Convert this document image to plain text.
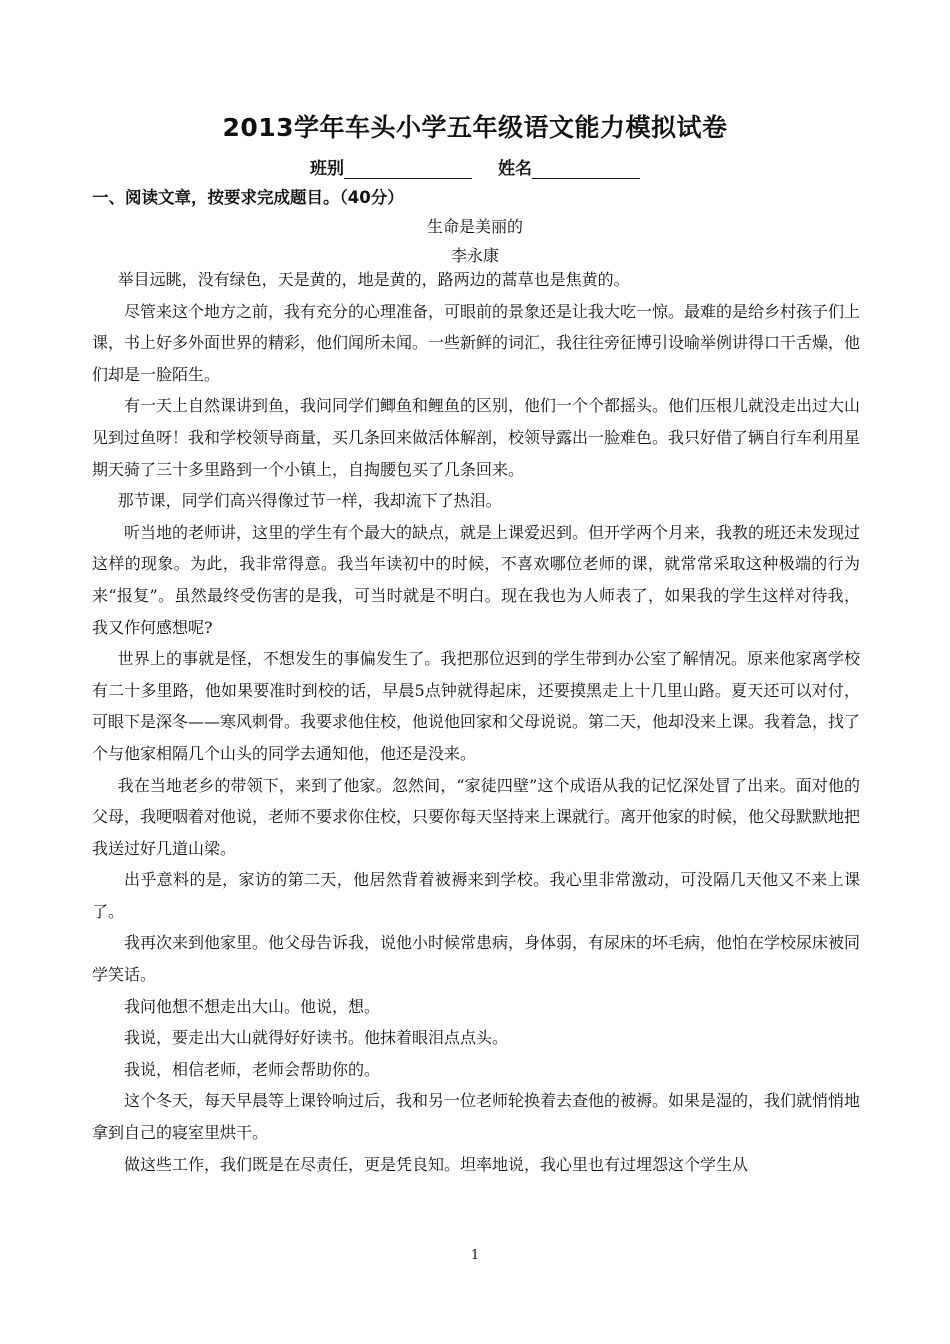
2013学年车头小学五年级语文能力模拟试卷
班别	姓名
一、阅读文章，按要求完成题目。（40分）
生命是美丽的
李永康

举目远眺，没有绿色，天是黄的，地是黄的，路两边的蒿草也是焦黄的。

尽管来这个地方之前，我有充分的心理准备，可眼前的景象还是让我大吃一惊。最难的是给乡村孩子们上课，书上好多外面世界的精彩，他们闻所未闻。一些新鲜的词汇，我往往旁征博引设喻举例讲得口干舌燥，他们却是一脸陌生。

有一天上自然课讲到鱼，我问同学们鲫鱼和鲤鱼的区别，他们一个个都摇头。他们压根儿就没走出过大山见到过鱼呀！我和学校领导商量，买几条回来做活体解剖，校领导露出一脸难色。我只好借了辆自行车利用星期天骑了三十多里路到一个小镇上，自掏腰包买了几条回来。

那节课，同学们高兴得像过节一样，我却流下了热泪。

听当地的老师讲，这里的学生有个最大的缺点，就是上课爱迟到。但开学两个月来，我教的班还未发现过这样的现象。为此，我非常得意。我当年读初中的时候，不喜欢哪位老师的课，就常常采取这种极端的行为来“报复”。虽然最终受伤害的是我，可当时就是不明白。现在我也为人师表了，如果我的学生这样对待我，我又作何感想呢?

世界上的事就是怪，不想发生的事偏发生了。我把那位迟到的学生带到办公室了解情况。原来他家离学校有二十多里路，他如果要准时到校的话，早晨5点钟就得起床，还要摸黑走上十几里山路。夏天还可以对付，可眼下是深冬——寒风刺骨。我要求他住校，他说他回家和父母说说。第二天，他却没来上课。我着急，找了个与他家相隔几个山头的同学去通知他，他还是没来。

我在当地老乡的带领下，来到了他家。忽然间，“家徒四壁”这个成语从我的记忆深处冒了出来。面对他的父母，我哽咽着对他说，老师不要求你住校，只要你每天坚持来上课就行。离开他家的时候，他父母默默地把我送过好几道山梁。

出乎意料的是，家访的第二天，他居然背着被褥来到学校。我心里非常激动，可没隔几天他又不来上课了。

我再次来到他家里。他父母告诉我，说他小时候常患病，身体弱，有尿床的坏毛病，他怕在学校尿床被同学笑话。

我问他想不想走出大山。他说，想。

我说，要走出大山就得好好读书。他抹着眼泪点点头。

我说，相信老师，老师会帮助你的。

这个冬天，每天早晨等上课铃响过后，我和另一位老师轮换着去查他的被褥。如果是湿的，我们就悄悄地拿到自己的寝室里烘干。

做这些工作，我们既是在尽责任，更是凭良知。坦率地说，我心里也有过埋怨这个学生从

1
